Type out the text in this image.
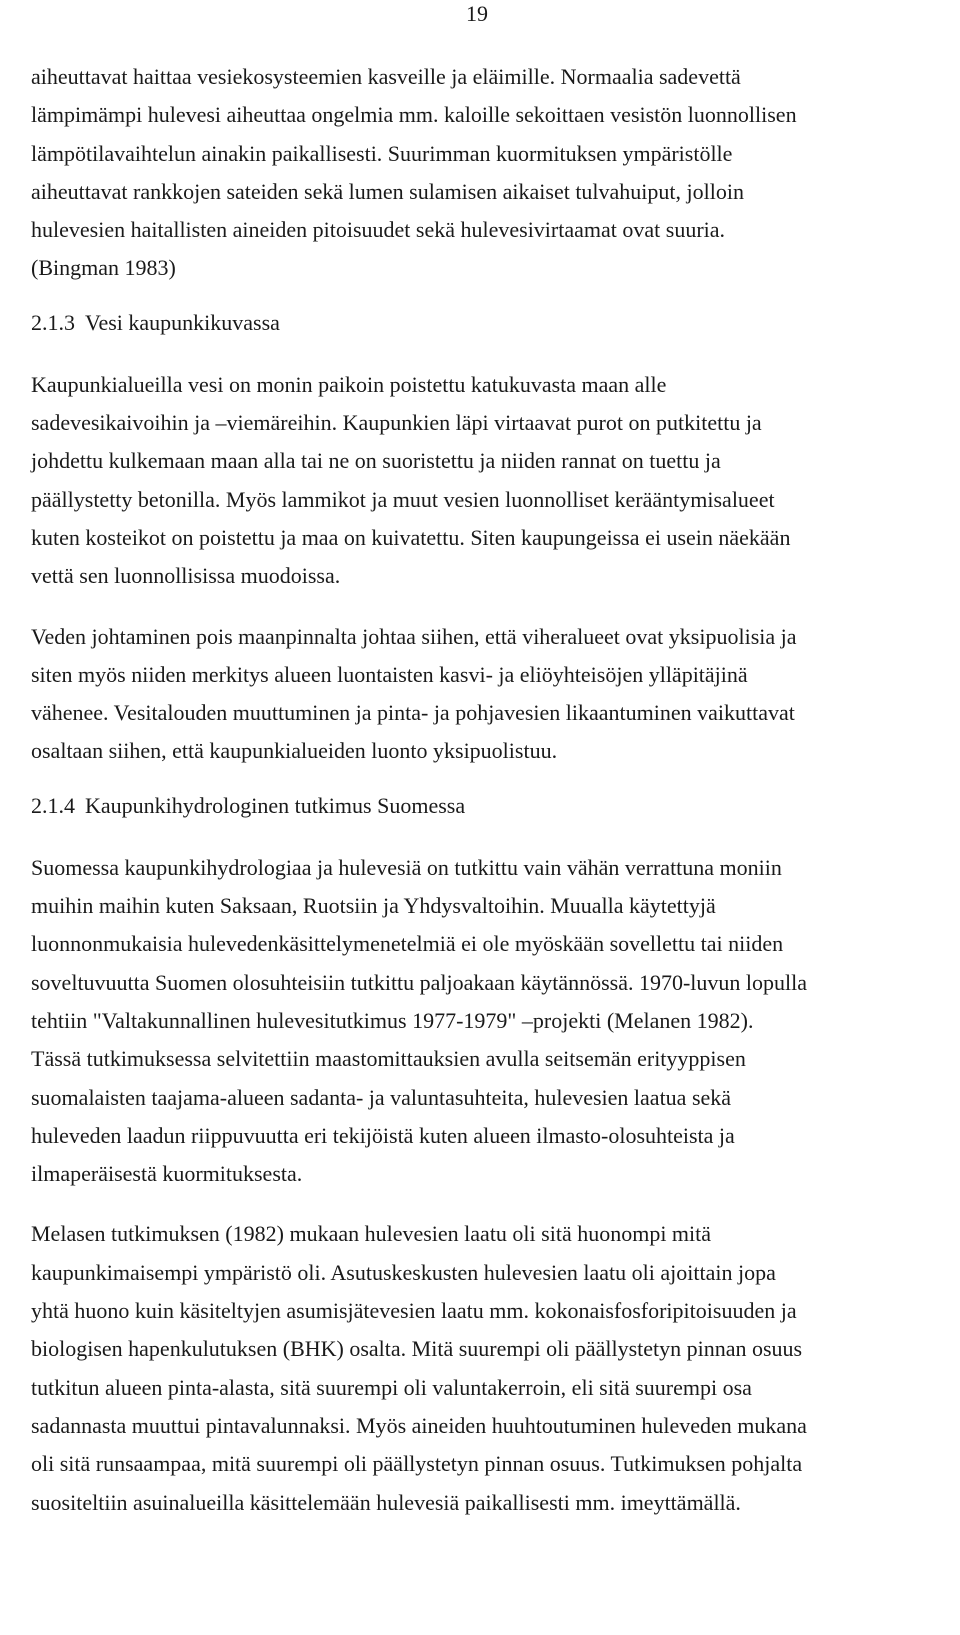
19
aiheuttavat haittaa vesiekosysteemien kasveille ja eläimille. Normaalia sadevettä
lämpimämpi hulevesi aiheuttaa ongelmia mm. kaloille sekoittaen vesistön luonnollisen
lämpötilavaihtelun ainakin paikallisesti. Suurimman kuormituksen ympäristölle
aiheuttavat rankkojen sateiden sekä lumen sulamisen aikaiset tulvahuiput, jolloin
hulevesien haitallisten aineiden pitoisuudet sekä hulevesivirtaamat ovat suuria.
(Bingman 1983)
2.1.3 Vesi kaupunkikuvassa
Kaupunkialueilla vesi on monin paikoin poistettu katukuvasta maan alle
sadevesikaivoihin ja –viemäreihin. Kaupunkien läpi virtaavat purot on putkitettu ja
johdettu kulkemaan maan alla tai ne on suoristettu ja niiden rannat on tuettu ja
päällystetty betonilla. Myös lammikot ja muut vesien luonnolliset kerääntymisalueet
kuten kosteikot on poistettu ja maa on kuivatettu. Siten kaupungeissa ei usein näekään
vettä sen luonnollisissa muodoissa.
Veden johtaminen pois maanpinnalta johtaa siihen, että viheralueet ovat yksipuolisia ja
siten myös niiden merkitys alueen luontaisten kasvi- ja eliöyhteisöjen ylläpitäjinä
vähenee. Vesitalouden muuttuminen ja pinta- ja pohjavesien likaantuminen vaikuttavat
osaltaan siihen, että kaupunkialueiden luonto yksipuolistuu.
2.1.4 Kaupunkihydrologinen tutkimus Suomessa
Suomessa kaupunkihydrologiaa ja hulevesiä on tutkittu vain vähän verrattuna moniin
muihin maihin kuten Saksaan, Ruotsiin ja Yhdysvaltoihin. Muualla käytettyjä
luonnonmukaisia hulevedenkäsittelymenetelmiä ei ole myöskään sovellettu tai niiden
soveltuvuutta Suomen olosuhteisiin tutkittu paljoakaan käytännössä. 1970-luvun lopulla
tehtiin "Valtakunnallinen hulevesitutkimus 1977-1979" –projekti (Melanen 1982).
Tässä tutkimuksessa selvitettiin maastomittauksien avulla seitsemän erityyppisen
suomalaisten taajama-alueen sadanta- ja valuntasuhteita, hulevesien laatua sekä
huleveden laadun riippuvuutta eri tekijöistä kuten alueen ilmasto-olosuhteista ja
ilmaperäisestä kuormituksesta.
Melasen tutkimuksen (1982) mukaan hulevesien laatu oli sitä huonompi mitä
kaupunkimaisempi ympäristö oli. Asutuskeskusten hulevesien laatu oli ajoittain jopa
yhtä huono kuin käsiteltyjen asumisjätevesien laatu mm. kokonaisfosforipitoisuuden ja
biologisen hapenkulutuksen (BHK) osalta. Mitä suurempi oli päällystetyn pinnan osuus
tutkitun alueen pinta-alasta, sitä suurempi oli valuntakerroin, eli sitä suurempi osa
sadannasta muuttui pintavalunnaksi. Myös aineiden huuhtoutuminen huleveden mukana
oli sitä runsaampaa, mitä suurempi oli päällystetyn pinnan osuus. Tutkimuksen pohjalta
suositeltiin asuinalueilla käsittelemään hulevesiä paikallisesti mm. imeyttämällä.
